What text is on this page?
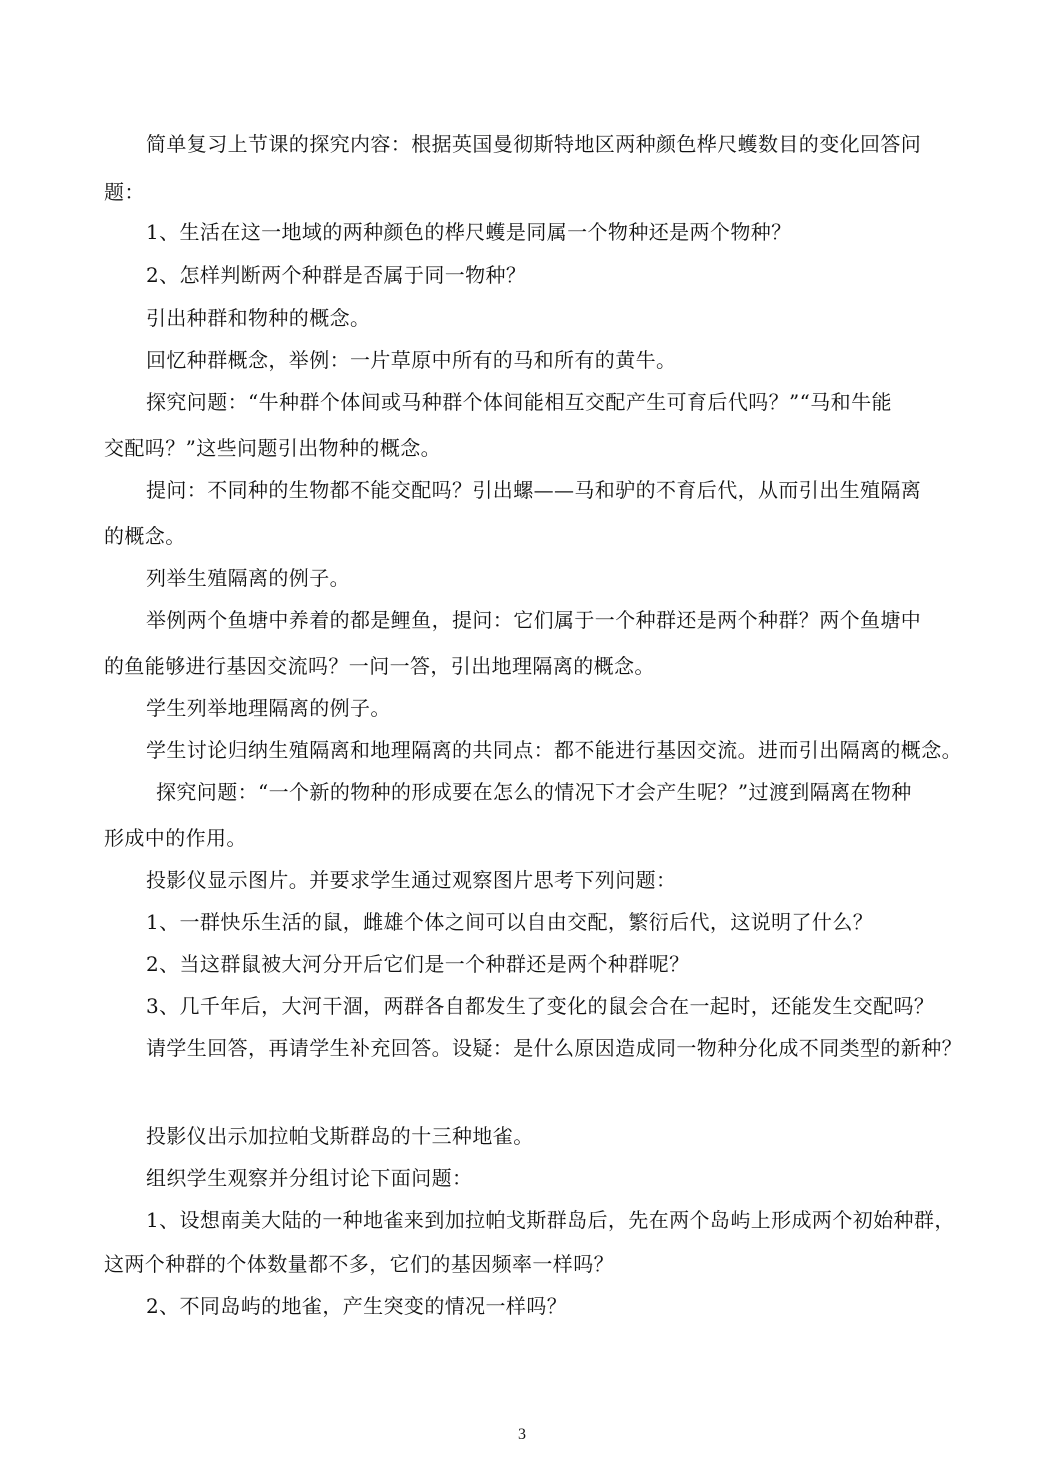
简单复习上节课的探究内容：根据英国曼彻斯特地区两种颜色桦尺蠖数目的变化回答问
题：
1、生活在这一地域的两种颜色的桦尺蠖是同属一个物种还是两个物种？
2、怎样判断两个种群是否属于同一物种？
引出种群和物种的概念。
回忆种群概念，举例：一片草原中所有的马和所有的黄牛。
探究问题：“牛种群个体间或马种群个体间能相互交配产生可育后代吗？”“马和牛能
交配吗？”这些问题引出物种的概念。
提问：不同种的生物都不能交配吗？引出螺——马和驴的不育后代，从而引出生殖隔离
的概念。
列举生殖隔离的例子。
举例两个鱼塘中养着的都是鲤鱼，提问：它们属于一个种群还是两个种群？两个鱼塘中
的鱼能够进行基因交流吗？一问一答，引出地理隔离的概念。
学生列举地理隔离的例子。
学生讨论归纳生殖隔离和地理隔离的共同点：都不能进行基因交流。进而引出隔离的概念。
探究问题：“一个新的物种的形成要在怎么的情况下才会产生呢？”过渡到隔离在物种
形成中的作用。
投影仪显示图片。并要求学生通过观察图片思考下列问题：
1、一群快乐生活的鼠，雌雄个体之间可以自由交配，繁衍后代，这说明了什么？
2、当这群鼠被大河分开后它们是一个种群还是两个种群呢？
3、几千年后，大河干涸，两群各自都发生了变化的鼠会合在一起时，还能发生交配吗？
请学生回答，再请学生补充回答。设疑：是什么原因造成同一物种分化成不同类型的新种？
投影仪出示加拉帕戈斯群岛的十三种地雀。
组织学生观察并分组讨论下面问题：
1、设想南美大陆的一种地雀来到加拉帕戈斯群岛后，先在两个岛屿上形成两个初始种群，
这两个种群的个体数量都不多，它们的基因频率一样吗？
2、不同岛屿的地雀，产生突变的情况一样吗？
3
